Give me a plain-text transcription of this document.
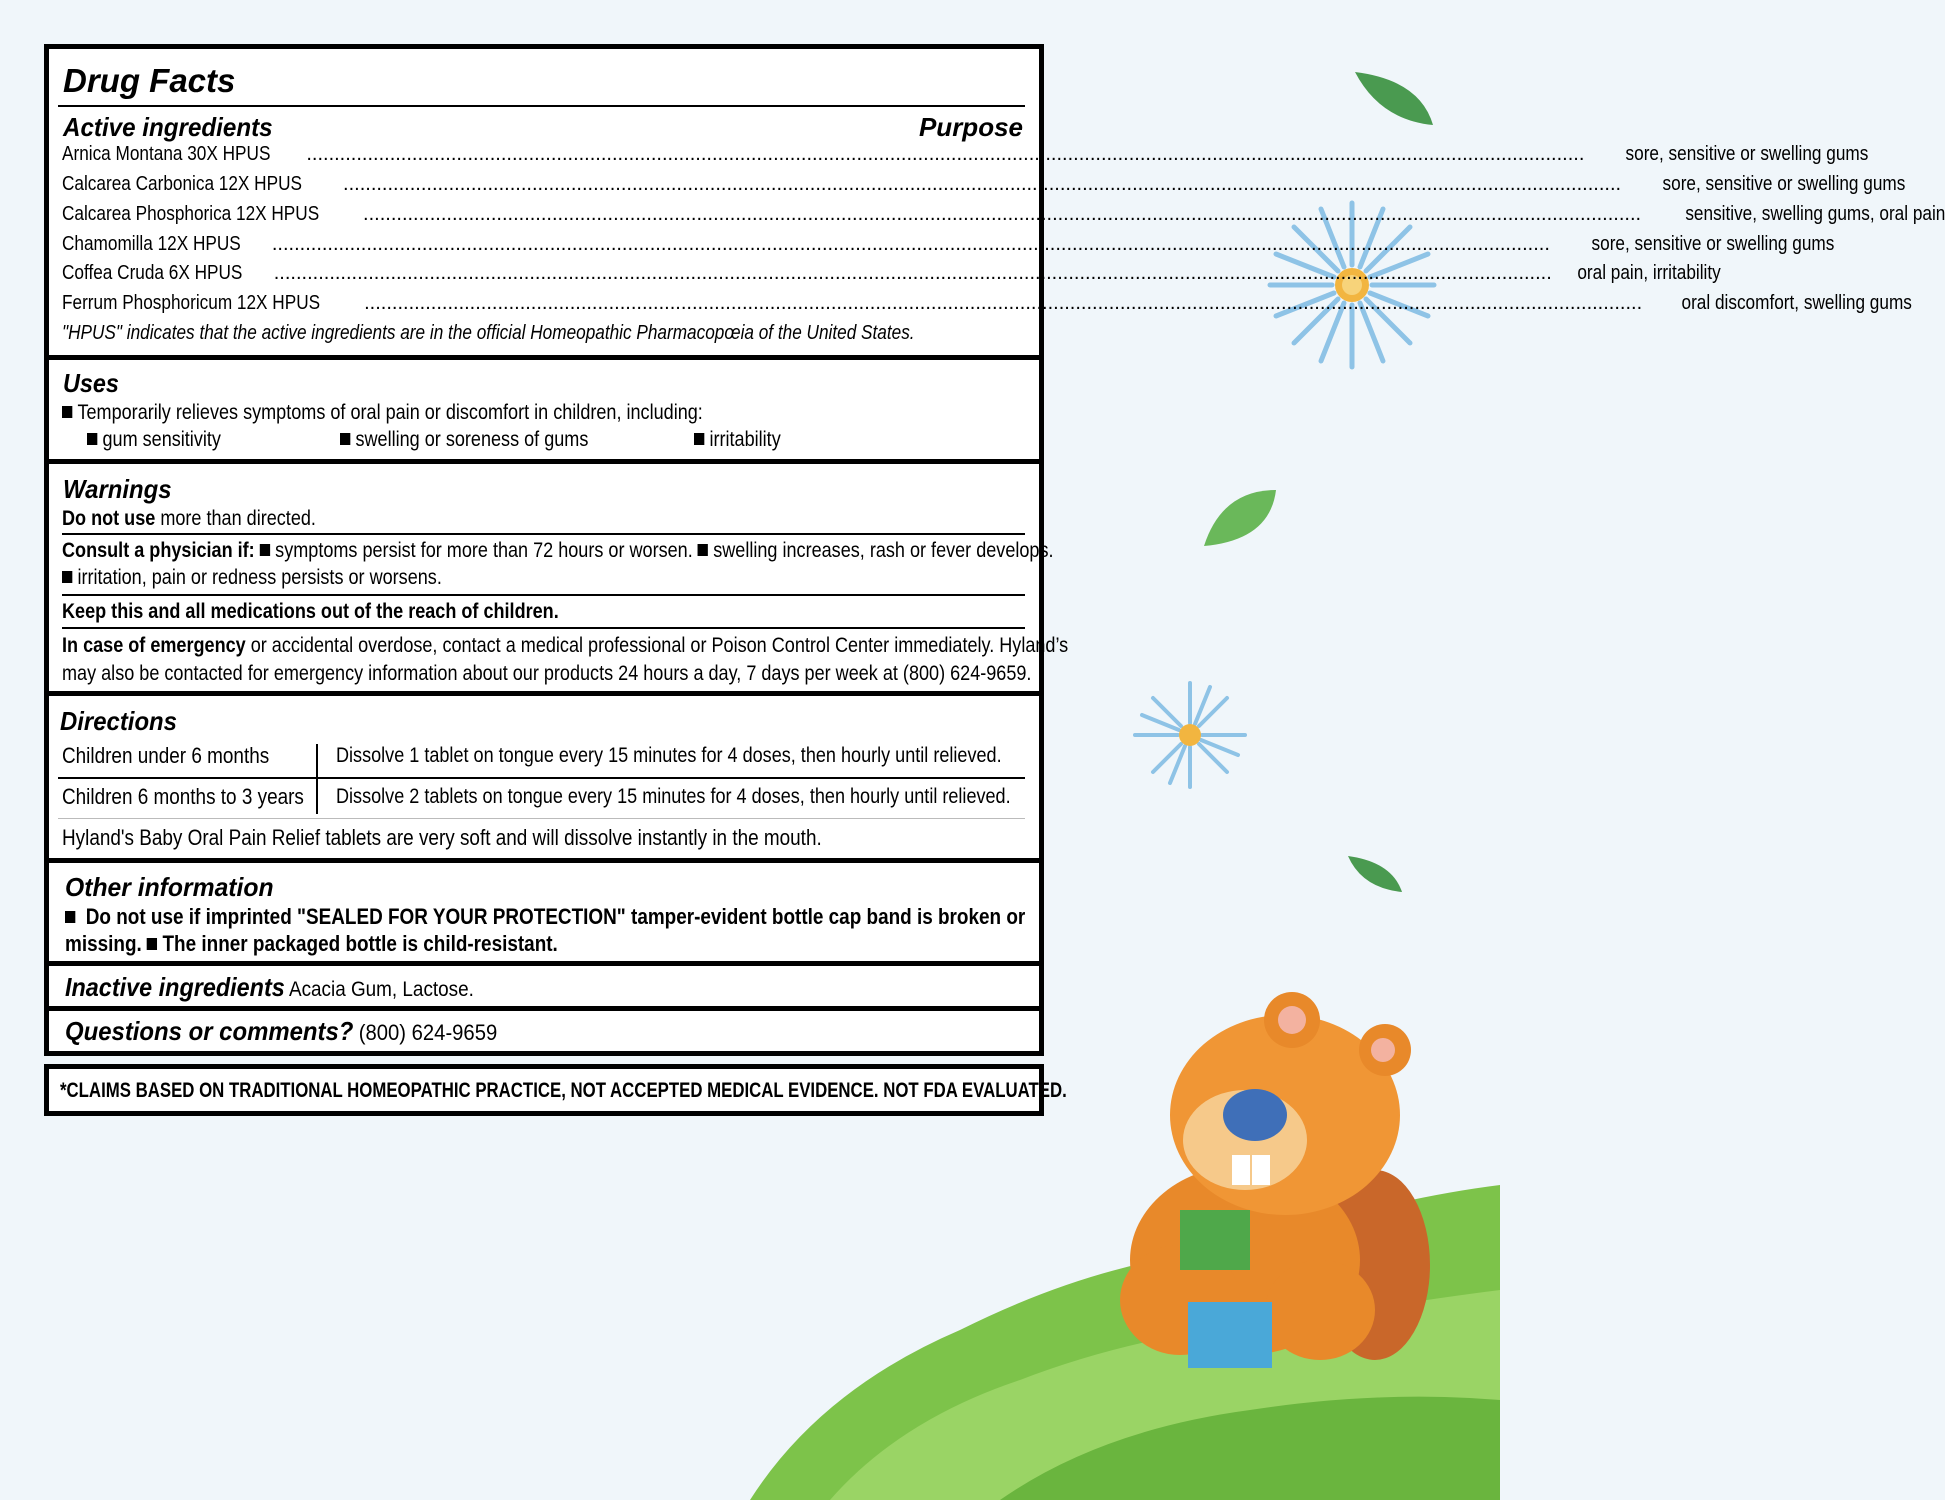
Drug Facts
Active ingredients	Purpose
Arnica Montana 30X HPUS ...................................................................................................................................................................................................................................... sore, sensitive or swelling gums
Calcarea Carbonica 12X HPUS ...................................................................................................................................................................................................................................... sore, sensitive or swelling gums
Calcarea Phosphorica 12X HPUS ...................................................................................................................................................................................................................................... sensitive, swelling gums, oral pain
Chamomilla 12X HPUS ...................................................................................................................................................................................................................................... sore, sensitive or swelling gums
Coffea Cruda 6X HPUS ...................................................................................................................................................................................................................................... oral pain, irritability
Ferrum Phosphoricum 12X HPUS ...................................................................................................................................................................................................................................... oral discomfort, swelling gums
"HPUS" indicates that the active ingredients are in the official Homeopathic Pharmacopœia of the United States.
Uses
Temporarily relieves symptoms of oral pain or discomfort in children, including:
gum sensitivity	swelling or soreness of gums	irritability
Warnings
Do not use more than directed.
Consult a physician if: symptoms persist for more than 72 hours or worsen. swelling increases, rash or fever develops.
irritation, pain or redness persists or worsens.
Keep this and all medications out of the reach of children.
In case of emergency or accidental overdose, contact a medical professional or Poison Control Center immediately. Hyland’s
may also be contacted for emergency information about our products 24 hours a day, 7 days per week at (800) 624-9659.
Directions
Children under 6 months	Dissolve 1 tablet on tongue every 15 minutes for 4 doses, then hourly until relieved.
Children 6 months to 3 years	Dissolve 2 tablets on tongue every 15 minutes for 4 doses, then hourly until relieved.
Hyland's Baby Oral Pain Relief tablets are very soft and will dissolve instantly in the mouth.
Other information
Do not use if imprinted "SEALED FOR YOUR PROTECTION" tamper-evident bottle cap band is broken or
missing. The inner packaged bottle is child-resistant.
Inactive ingredients Acacia Gum, Lactose.
Questions or comments? (800) 624-9659
*CLAIMS BASED ON TRADITIONAL HOMEOPATHIC PRACTICE, NOT ACCEPTED MEDICAL EVIDENCE. NOT FDA EVALUATED.
